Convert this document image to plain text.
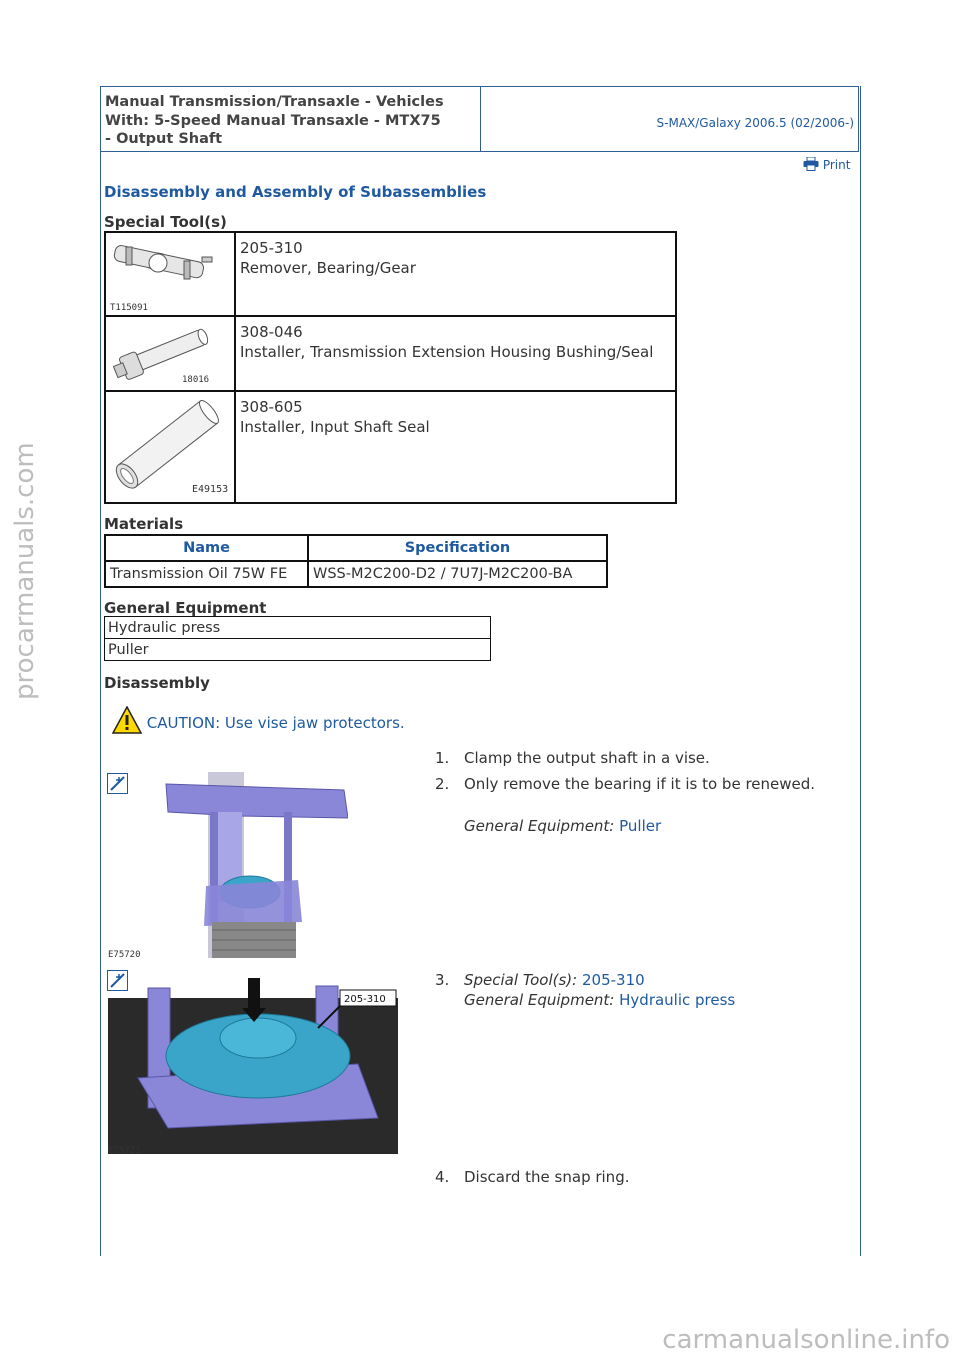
Manual Transmission/Transaxle - Vehicles
With: 5-Speed Manual Transaxle - MTX75
- Output Shaft
S-MAX/Galaxy 2006.5 (02/2006-)
Print
Disassembly and Assembly of Subassemblies
Special Tool(s)
T115091
205-310
Remover, Bearing/Gear
18016
308-046
Installer, Transmission Extension Housing Bushing/Seal
E49153
308-605
Installer, Input Shaft Seal
Materials
Name	Specification
Transmission Oil 75W FE	WSS-M2C200-D2 / 7U7J-M2C200-BA
General Equipment
Hydraulic press
Puller
Disassembly
CAUTION: Use vise jaw protectors.
1. Clamp the output shaft in a vise.
E75720
2. Only remove the bearing if it is to be renewed.
General Equipment: Puller
205-310
E75721
3. Special Tool(s): 205-310
General Equipment: Hydraulic press
4. Discard the snap ring.
procarmanuals.com
carmanualsonline.info
